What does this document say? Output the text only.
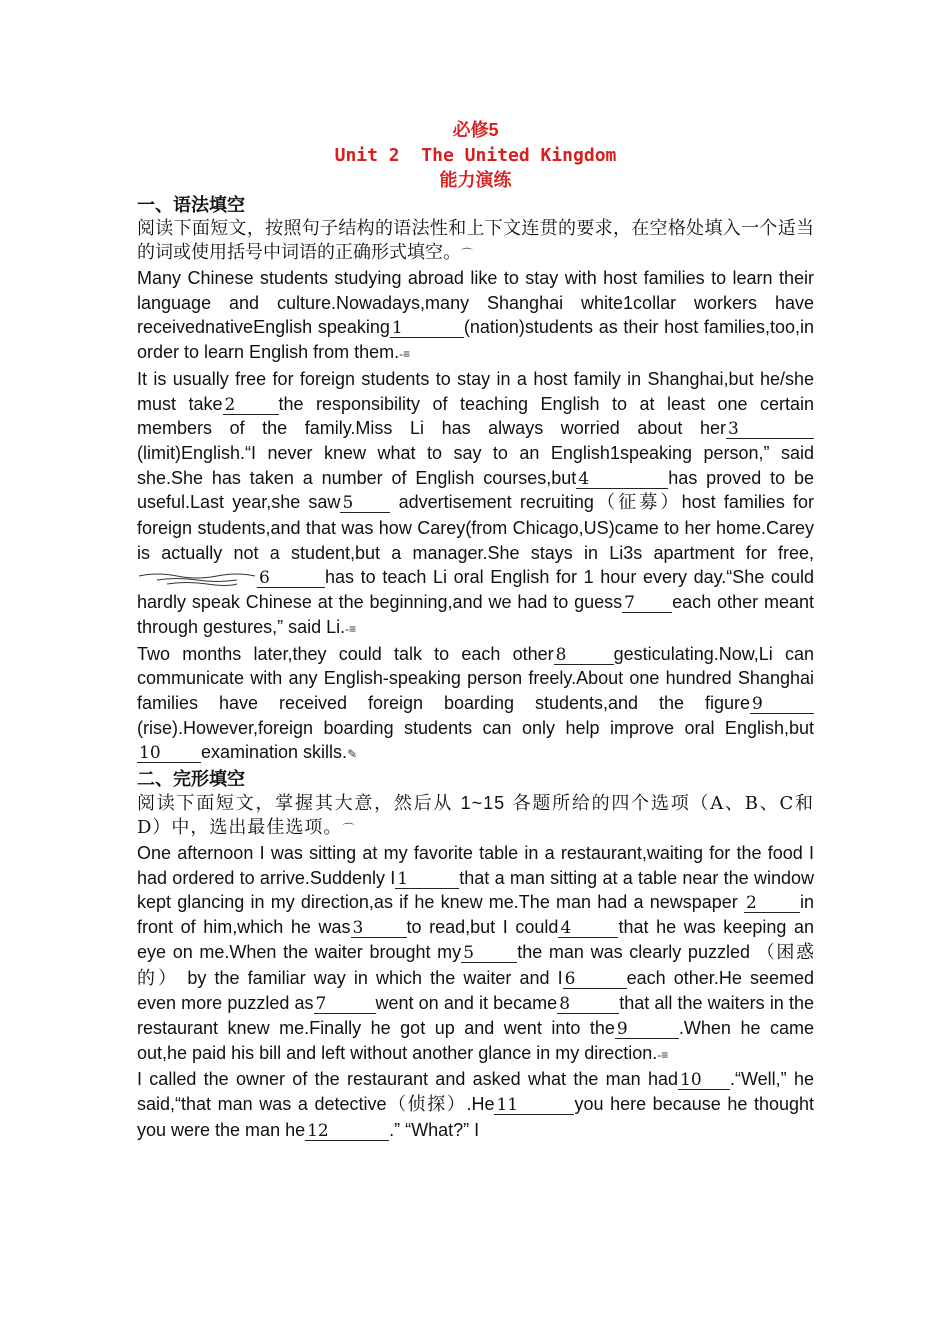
必修5
Unit 2  The United Kingdom
能力演练
一、语法填空
阅读下面短文，按照句子结构的语法性和上下文连贯的要求，在空格处填入一个适当的词或使用括号中词语的正确形式填空。⌒
Many Chinese students studying abroad like to stay with host families to learn their language and culture.Nowadays,many Shanghai white1collar workers have receivednativeEnglish speaking 1	(nation)students as their host families,too,in order to learn English from them.-≡
It is usually free for foreign students to stay in a host family in Shanghai,but he/she must take 2 the responsibility of teaching English to at least one certain members of the family.Miss Li has always worried about her 3(limit)English.“I never knew what to say to an English1speaking person,” said she.She has taken a number of English courses,but 4	has proved to be useful.Last year,she saw 5	advertisement recruiting（征募）host families for foreign students,and that was how Carey(from Chicago,US)came to her home.Carey is actually not a student,but a manager.She stays in Li3s apartment for free,6	has to teach Li oral English for 1 hour every day.“She could hardly speak Chinese at the beginning,and we had to guess 7 each other meant through gestures,” said Li.-≡
Two months later,they could talk to each other 8	gesticulating.Now,Li can communicate with any English-speaking person freely.About one hundred Shanghai families have received foreign boarding students,and the figure 9(rise).However,foreign boarding students can only help improve oral English,but10 examination skills.✎
二、完形填空
阅读下面短文，掌握其大意，然后从 1~15 各题所给的四个选项（A、B、C和D）中，选出最佳选项。⌒
One afternoon I was sitting at my favorite table in a restaurant,waiting for the food I had ordered to arrive.Suddenly I 1	that a man sitting at a table near the window kept glancing in my direction,as if he knew me.The man had a newspaper 2 in front of him,which he was 3 to read,but I could 4	that he was keeping an eye on me.When the waiter brought my 5 the man was clearly puzzled （困惑的） by the familiar way in which the waiter and I 6	each other.He seemed even more puzzled as 7	went on and it became 8	that all the waiters in the restaurant knew me.Finally he got up and went into the 9	.When he came out,he paid his bill and left without another glance in my direction.-≡
I called the owner of the restaurant and asked what the man had 10 .“Well,” he said,“that man was a detective（侦探）.He 11	you here because he thought you were the man he 12	.” “What?” I
